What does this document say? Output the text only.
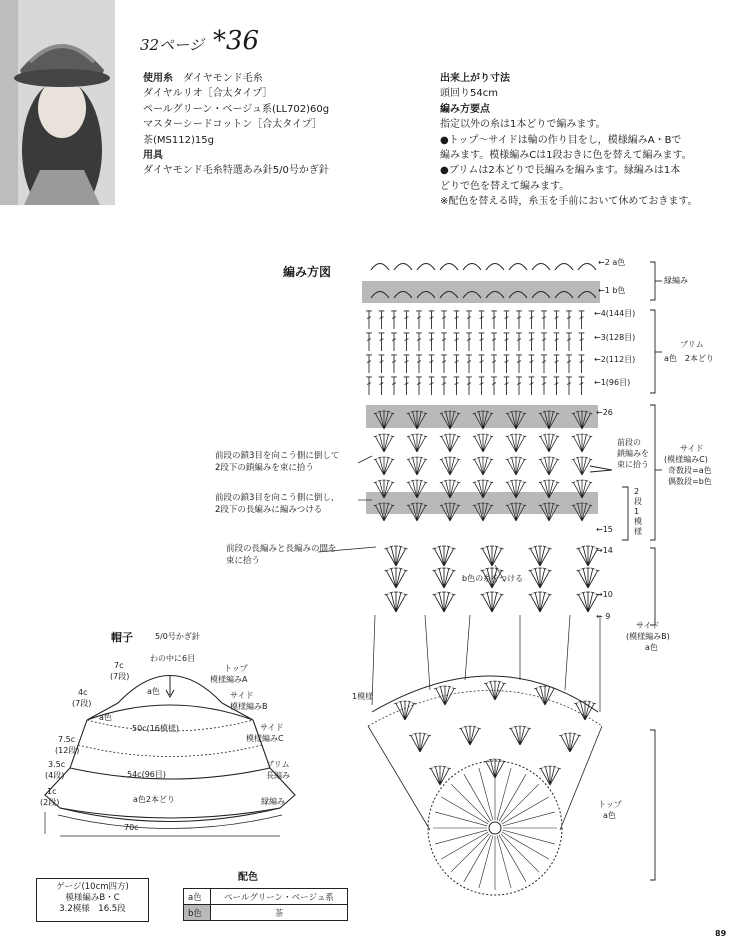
32ページ *36
使用糸　 ダイヤモンド毛糸
ダイヤルリオ［合太タイプ］
ペールグリーン・ベージュ系(LL702)60g
マスターシードコットン［合太タイプ］
茶(MS112)15g
用具
ダイヤモンド毛糸特選あみ針5/0号かぎ針
出来上がり寸法
頭回り54cm
編み方要点
指定以外の糸は1本どりで編みます。
●トップ～サイドは輪の作り目をし，模様編みA・Bで
編みます。模様編みCは1段おきに色を替えて編みます。
●ブリムは2本どりで長編みを編みます。縁編みは1本
どりで色を替えて編みます。
※配色を替える時，糸玉を手前において休めておきます。
編み方図
←2 a色
←1 b色
縁編み
←4(144目)
←3(128目)
←2(112目)
←1(96目)
ブリム
a色　2本どり
←26
前段の
鎖編みを
束に拾う
サイド
(模様編みC)
奇数段=a色
偶数段=b色
2
段
1
模
様
←15
→14
→10
← 9
前段の鎖3目を向こう側に倒して
2段下の鎖編みを束に拾う
前段の鎖3目を向こう側に倒し，
2段下の長編みに編みつける
前段の長編みと長編みの間を
束に拾う
b色の糸をつける
サイド
(模様編みB)
a色
1模様
トップ
a色
帽子	5/0号かぎ針
わの中に6目
7c
(7段)
トップ
模様編みA
a色	サイド
模様編みB
4c
(7段)
a色
50c(16模様)	サイド
模様編みC
7.5c
(12段)
3.5c
(4段)
ブリム
長編み
54c(96目)
1c
(2段)	a色2本どり	縁編み
70c
ゲージ(10cm四方)
模様編みB・C
3.2模様　16.5段
配色
a色	ペールグリーン・ベージュ系
b色	茶
89
